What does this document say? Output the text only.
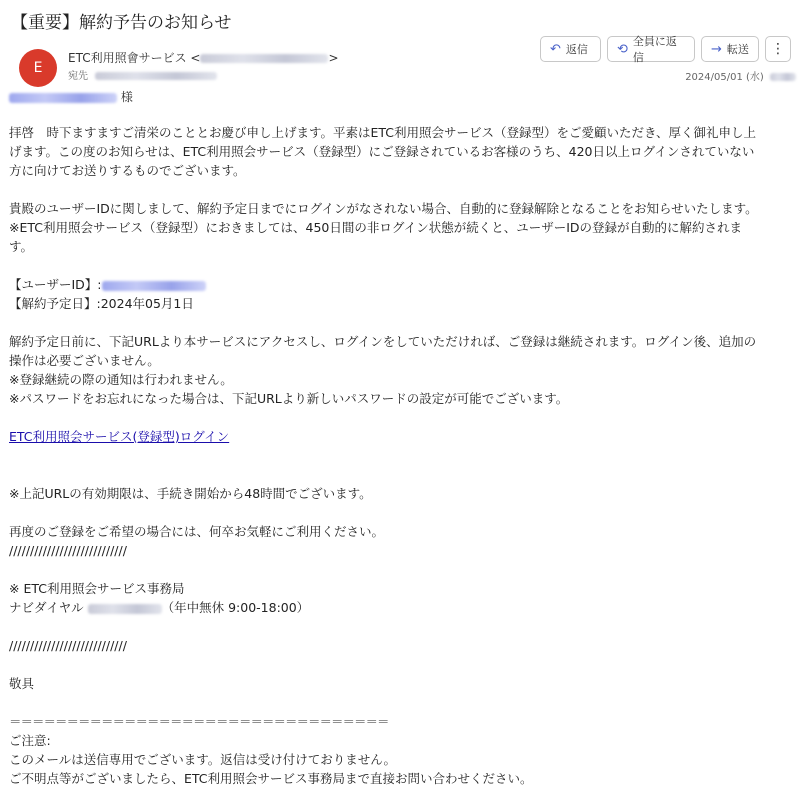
【重要】解約予告のお知らせ
E
ETC利用照會サービス <	>
宛先
↶ 返信 ⟲ 全員に返信
→ 転送 ⋮
2024/05/01 (水)
様

拝啓　時下ますますご清栄のこととお慶び申し上げます。平素はETC利用照会サービス（登録型）をご愛顧いただき、厚く御礼申し上

げます。この度のお知らせは、ETC利用照会サービス（登録型）にご登録されているお客様のうち、420日以上ログインされていない

方に向けてお送りするものでございます。

貴殿のユーザーIDに関しまして、解約予定日までにログインがなされない場合、自動的に登録解除となることをお知らせいたします。

※ETC利用照会サービス（登録型）におきましては、450日間の非ログイン状態が続くと、ユーザーIDの登録が自動的に解約されま

す。

【ユーザーID】:

【解約予定日】:2024年05月1日

解約予定日前に、下記URLより本サービスにアクセスし、ログインをしていただければ、ご登録は継続されます。ログイン後、追加の

操作は必要ございません。

※登録継続の際の通知は行われません。

※パスワードをお忘れになった場合は、下記URLより新しいパスワードの設定が可能でございます。

ETC利用照会サービス(登録型)ログイン

※上記URLの有効期限は、手続き開始から48時間でございます。

再度のご登録をご希望の場合には、何卒お気軽にご利用ください。

////////////////////////////

※ ETC利用照会サービス事務局

ナビダイヤル	（年中無休 9:00-18:00）

////////////////////////////

敬具

＝＝＝＝＝＝＝＝＝＝＝＝＝＝＝＝＝＝＝＝＝＝＝＝＝＝＝＝＝＝＝＝＝

ご注意:

このメールは送信専用でございます。返信は受け付けておりません。

ご不明点等がございましたら、ETC利用照会サービス事務局まで直接お問い合わせください。
